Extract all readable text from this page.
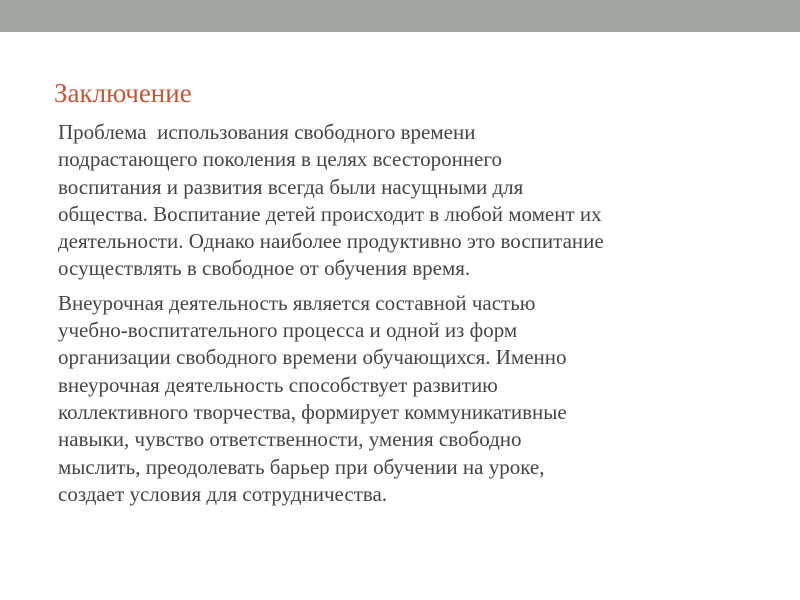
Заключение

Проблема  использования свободного времени
подрастающего поколения в целях всестороннего
воспитания и развития всегда были насущными для
общества. Воспитание детей происходит в любой момент их
деятельности. Однако наиболее продуктивно это воспитание
осуществлять в свободное от обучения время.

Внеурочная деятельность является составной частью
учебно-воспитательного процесса и одной из форм
организации свободного времени обучающихся. Именно
внеурочная деятельность способствует развитию
коллективного творчества, формирует коммуникативные
навыки, чувство ответственности, умения свободно
мыслить, преодолевать барьер при обучении на уроке,
создает условия для сотрудничества.
